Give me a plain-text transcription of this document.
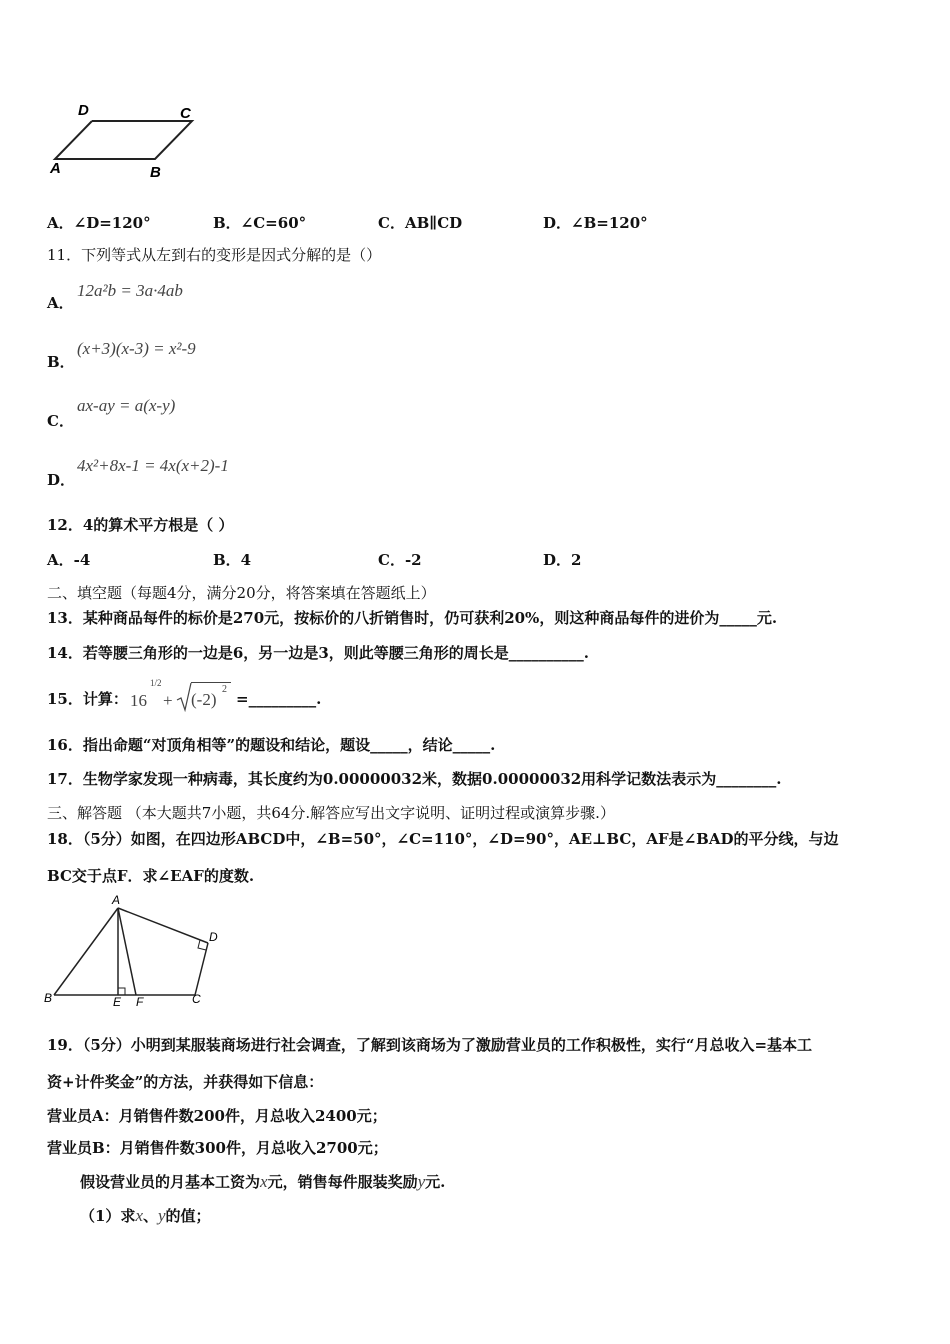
D	C
A	B
A．∠D=120°	B．∠C=60°	C．AB∥CD	D．∠B=120°
11．下列等式从左到右的变形是因式分解的是（）
A．
12a²b = 3a·4ab
B．
(x+3)(x-3) = x²-9
C．
ax-ay = a(x-y)
D．
4x²+8x-1 = 4x(x+2)-1
12．4的算术平方根是（ ）
A．-4	B．4	C．-2	D．2
二、填空题（每题4分，满分20分，将答案填在答题纸上）
13．某种商品每件的标价是270元，按标价的八折销售时，仍可获利20%，则这种商品每件的进价为_____元.
14．若等腰三角形的一边是6，另一边是3，则此等腰三角形的周长是__________.
15．计算： 16
1/2
+ (-2)
2
=_________.
16．指出命题“对顶角相等”的题设和结论，题设_____，结论_____.
17．生物学家发现一种病毒，其长度约为0.00000032米，数据0.00000032用科学记数法表示为________.
三、解答题 （本大题共7小题，共64分.解答应写出文字说明、证明过程或演算步骤.）
18．（5分）如图，在四边形ABCD中，∠B=50°，∠C=110°，∠D=90°，AE⊥BC，AF是∠BAD的平分线，与边
BC交于点F．求∠EAF的度数.
A
B	C
D
E F
19．（5分）小明到某服装商场进行社会调查，了解到该商场为了激励营业员的工作积极性，实行“月总收入=基本工
资+计件奖金”的方法，并获得如下信息：
营业员A：月销售件数200件，月总收入2400元；
营业员B：月销售件数300件，月总收入2700元；
假设营业员的月基本工资为x元，销售每件服装奖励y元.
（1）求x、y的值；
